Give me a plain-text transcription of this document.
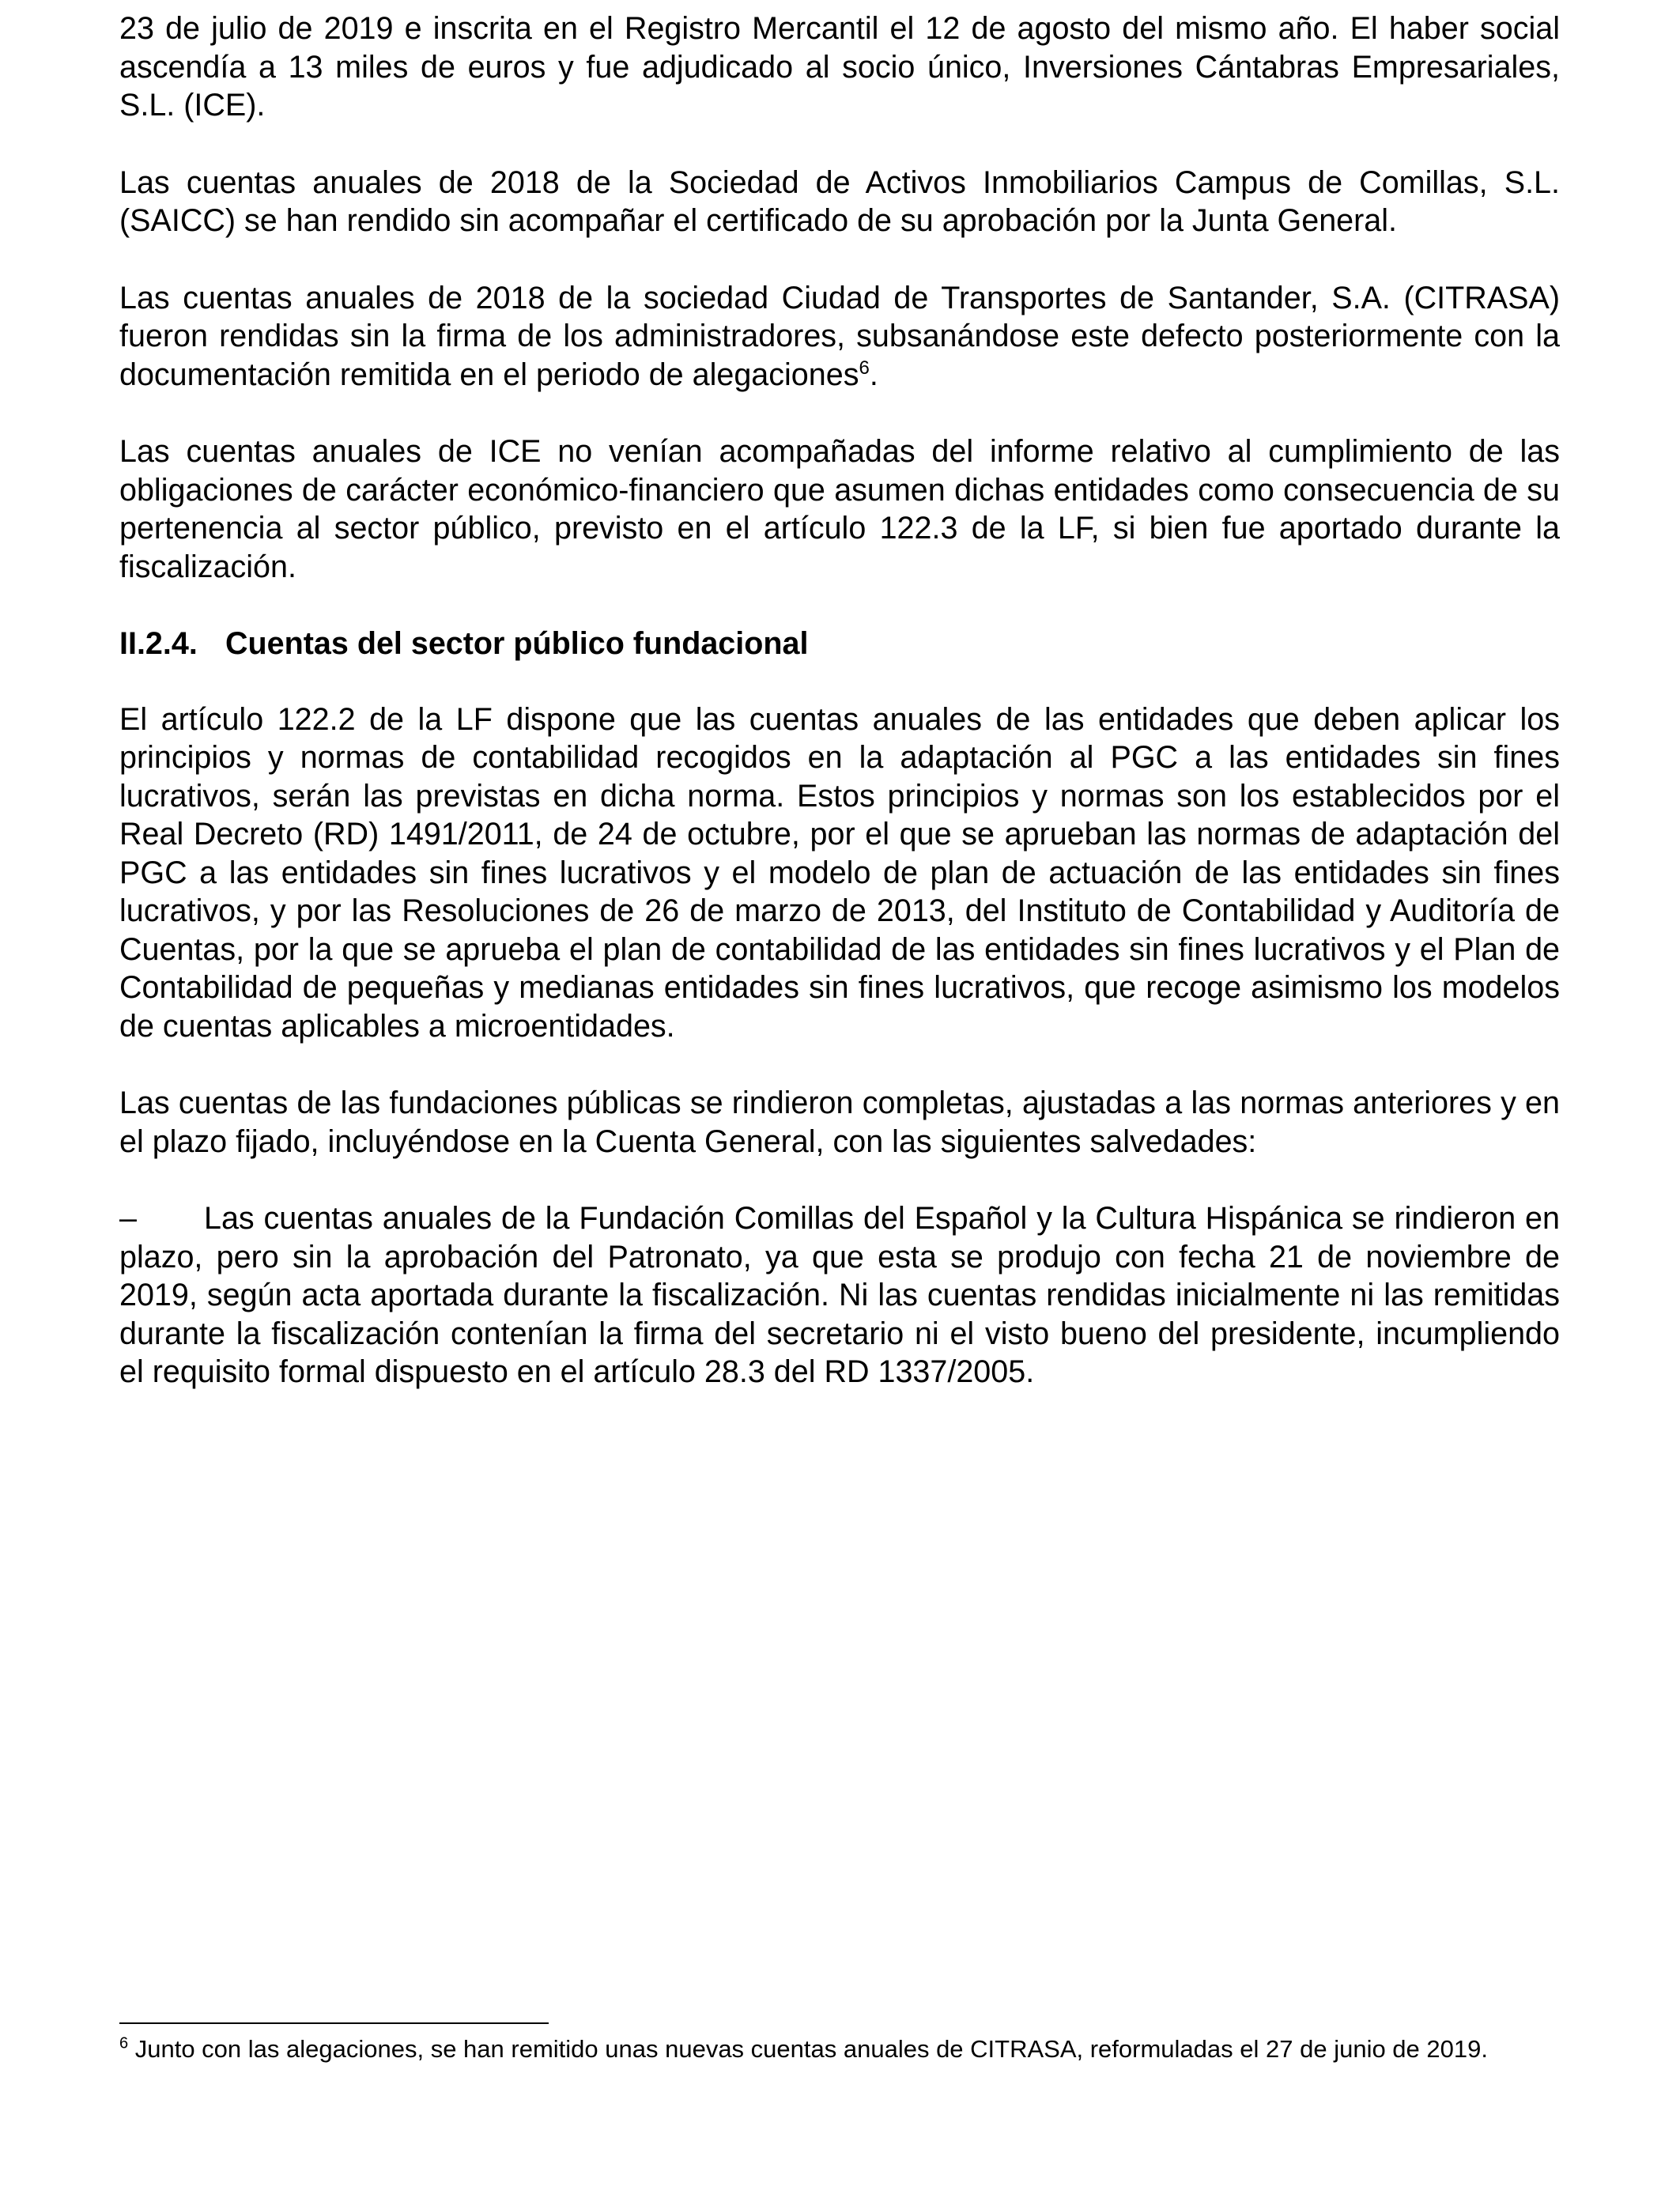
23 de julio de 2019 e inscrita en el Registro Mercantil el 12 de agosto del mismo año. El haber social ascendía a 13 miles de euros y fue adjudicado al socio único, Inversiones Cántabras Empresariales, S.L. (ICE).

Las cuentas anuales de 2018 de la Sociedad de Activos Inmobiliarios Campus de Comillas, S.L. (SAICC) se han rendido sin acompañar el certificado de su aprobación por la Junta General.

Las cuentas anuales de 2018 de la sociedad Ciudad de Transportes de Santander, S.A. (CITRASA) fueron rendidas sin la firma de los administradores, subsanándose este defecto posteriormente con la documentación remitida en el periodo de alegaciones$^6$.

Las cuentas anuales de ICE no venían acompañadas del informe relativo al cumplimiento de las obligaciones de carácter económico-financiero que asumen dichas entidades como consecuencia de su pertenencia al sector público, previsto en el artículo 122.3 de la LF, si bien fue aportado durante la fiscalización.

II.2.4. Cuentas del sector público fundacional

El artículo 122.2 de la LF dispone que las cuentas anuales de las entidades que deben aplicar los principios y normas de contabilidad recogidos en la adaptación al PGC a las entidades sin fines lucrativos, serán las previstas en dicha norma. Estos principios y normas son los establecidos por el Real Decreto (RD) 1491/2011, de 24 de octubre, por el que se aprueban las normas de adaptación del PGC a las entidades sin fines lucrativos y el modelo de plan de actuación de las entidades sin fines lucrativos, y por las Resoluciones de 26 de marzo de 2013, del Instituto de Contabilidad y Auditoría de Cuentas, por la que se aprueba el plan de contabilidad de las entidades sin fines lucrativos y el Plan de Contabilidad de pequeñas y medianas entidades sin fines lucrativos, que recoge asimismo los modelos de cuentas aplicables a microentidades.

Las cuentas de las fundaciones públicas se rindieron completas, ajustadas a las normas anteriores y en el plazo fijado, incluyéndose en la Cuenta General, con las siguientes salvedades:

– Las cuentas anuales de la Fundación Comillas del Español y la Cultura Hispánica se rindieron en plazo, pero sin la aprobación del Patronato, ya que esta se produjo con fecha 21 de noviembre de 2019, según acta aportada durante la fiscalización. Ni las cuentas rendidas inicialmente ni las remitidas durante la fiscalización contenían la firma del secretario ni el visto bueno del presidente, incumpliendo el requisito formal dispuesto en el artículo 28.3 del RD 1337/2005.

$^6$ Junto con las alegaciones, se han remitido unas nuevas cuentas anuales de CITRASA, reformuladas el 27 de junio de 2019.
